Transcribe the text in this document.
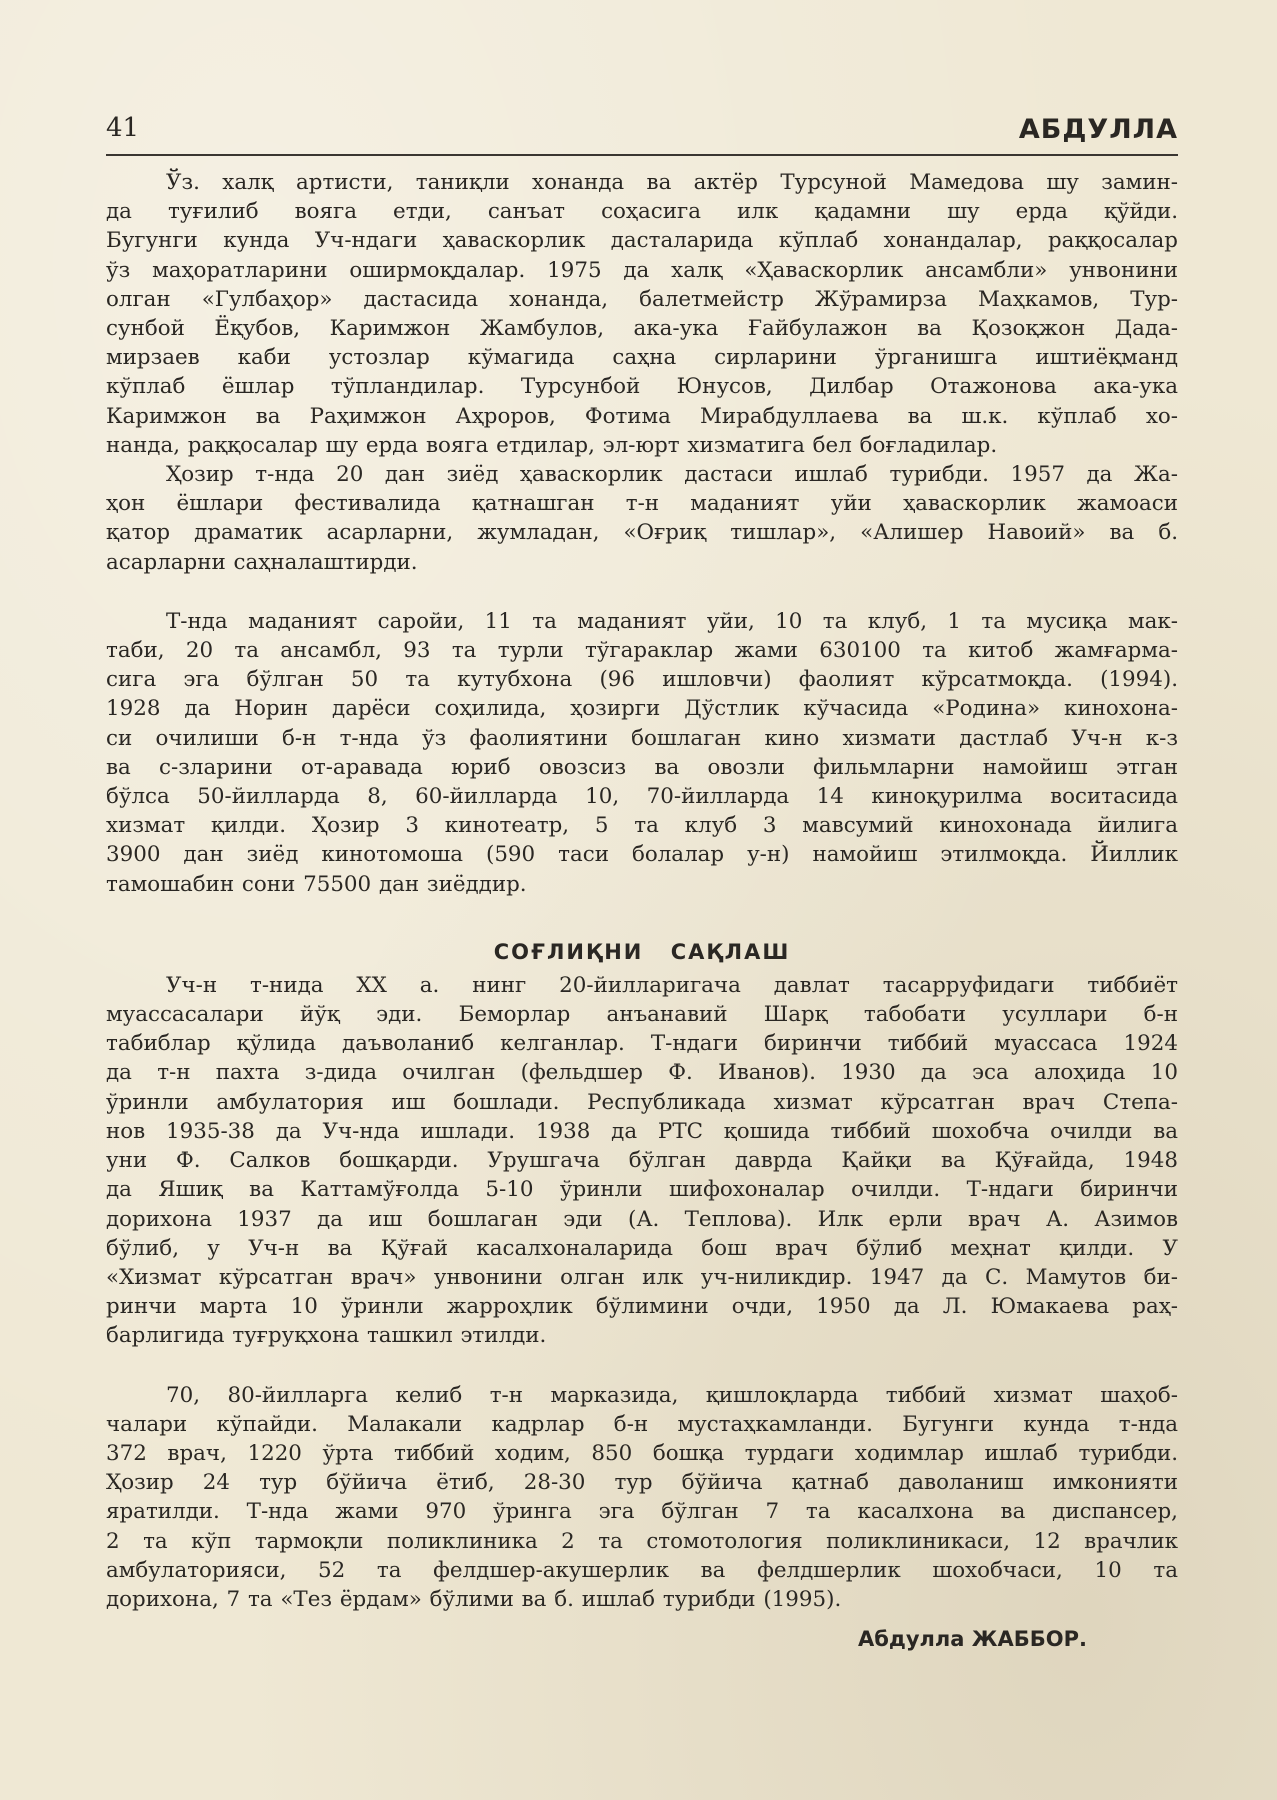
41	АБДУЛЛА
Ўз. халқ артисти, таниқли хонанда ва актёр Турсуной Мамедова шу замин-
да туғилиб вояга етди, санъат соҳасига илк қадамни шу ерда қўйди.
Бугунги кунда Уч-ндаги ҳаваскорлик дасталарида кўплаб хонандалар, раққосалар
ўз маҳоратларини оширмоқдалар. 1975 да халқ «Ҳаваскорлик ансамбли» унвонини
олган «Гулбаҳор» дастасида хонанда, балетмейстр Жўрамирза Маҳкамов, Тур-
сунбой Ёқубов, Каримжон Жамбулов, ака-ука Ғайбулажон ва Қозоқжон Дада-
мирзаев каби устозлар кўмагида саҳна сирларини ўрганишга иштиёқманд
кўплаб ёшлар тўпландилар. Турсунбой Юнусов, Дилбар Отажонова ака-ука
Каримжон ва Раҳимжон Аҳроров, Фотима Мирабдуллаева ва ш.к. кўплаб хо-
нанда, раққосалар шу ерда вояга етдилар, эл-юрт хизматига бел боғладилар.
Ҳозир т-нда 20 дан зиёд ҳаваскорлик дастаси ишлаб турибди. 1957 да Жа-
ҳон ёшлари фестивалида қатнашган т-н маданият уйи ҳаваскорлик жамоаси
қатор драматик асарларни, жумладан, «Оғриқ тишлар», «Алишер Навоий» ва б.
асарларни саҳналаштирди.
Т-нда маданият саройи, 11 та маданият уйи, 10 та клуб, 1 та мусиқа мак-
таби, 20 та ансамбл, 93 та турли тўгараклар жами 630100 та китоб жамғарма-
сига эга бўлган 50 та кутубхона (96 ишловчи) фаолият кўрсатмоқда. (1994).
1928 да Норин дарёси соҳилида, ҳозирги Дўстлик кўчасида «Родина» кинохона-
си очилиши б-н т-нда ўз фаолиятини бошлаган кино хизмати дастлаб Уч-н к-з
ва с-зларини от-аравада юриб овозсиз ва овозли фильмларни намойиш этган
бўлса 50-йилларда 8, 60-йилларда 10, 70-йилларда 14 киноқурилма воситасида
хизмат қилди. Ҳозир 3 кинотеатр, 5 та клуб 3 мавсумий кинохонада йилига
3900 дан зиёд кинотомоша (590 таси болалар у-н) намойиш этилмоқда. Йиллик
тамошабин сони 75500 дан зиёддир.
СОҒЛИҚНИ САҚЛАШ
Уч-н т-нида ХХ а. нинг 20-йилларигача давлат тасарруфидаги тиббиёт
муассасалари йўқ эди. Беморлар анъанавий Шарқ табобати усуллари б-н
табиблар қўлида даъволаниб келганлар. Т-ндаги биринчи тиббий муассаса 1924
да т-н пахта з-дида очилган (фельдшер Ф. Иванов). 1930 да эса алоҳида 10
ўринли амбулатория иш бошлади. Республикада хизмат кўрсатган врач Степа-
нов 1935-38 да Уч-нда ишлади. 1938 да РТС қошида тиббий шохобча очилди ва
уни Ф. Салков бошқарди. Урушгача бўлган даврда Қайқи ва Қўғайда, 1948
да Яшиқ ва Каттамўғолда 5-10 ўринли шифохоналар очилди. Т-ндаги биринчи
дорихона 1937 да иш бошлаган эди (А. Теплова). Илк ерли врач А. Азимов
бўлиб, у Уч-н ва Қўғай касалхоналарида бош врач бўлиб меҳнат қилди. У
«Хизмат кўрсатган врач» унвонини олган илк уч-ниликдир. 1947 да С. Мамутов би-
ринчи марта 10 ўринли жарроҳлик бўлимини очди, 1950 да Л. Юмакаева раҳ-
барлигида туғруқхона ташкил этилди.
70, 80-йилларга келиб т-н марказида, қишлоқларда тиббий хизмат шаҳоб-
чалари кўпайди. Малакали кадрлар б-н мустаҳкамланди. Бугунги кунда т-нда
372 врач, 1220 ўрта тиббий ходим, 850 бошқа турдаги ходимлар ишлаб турибди.
Ҳозир 24 тур бўйича ётиб, 28-30 тур бўйича қатнаб даволаниш имконияти
яратилди. Т-нда жами 970 ўринга эга бўлган 7 та касалхона ва диспансер,
2 та кўп тармоқли поликлиника 2 та стомотология поликлиникаси, 12 врачлик
амбулаторияси, 52 та фелдшер-акушерлик ва фелдшерлик шохобчаси, 10 та
дорихона, 7 та «Тез ёрдам» бўлими ва б. ишлаб турибди (1995).
Абдулла ЖАББОР.
